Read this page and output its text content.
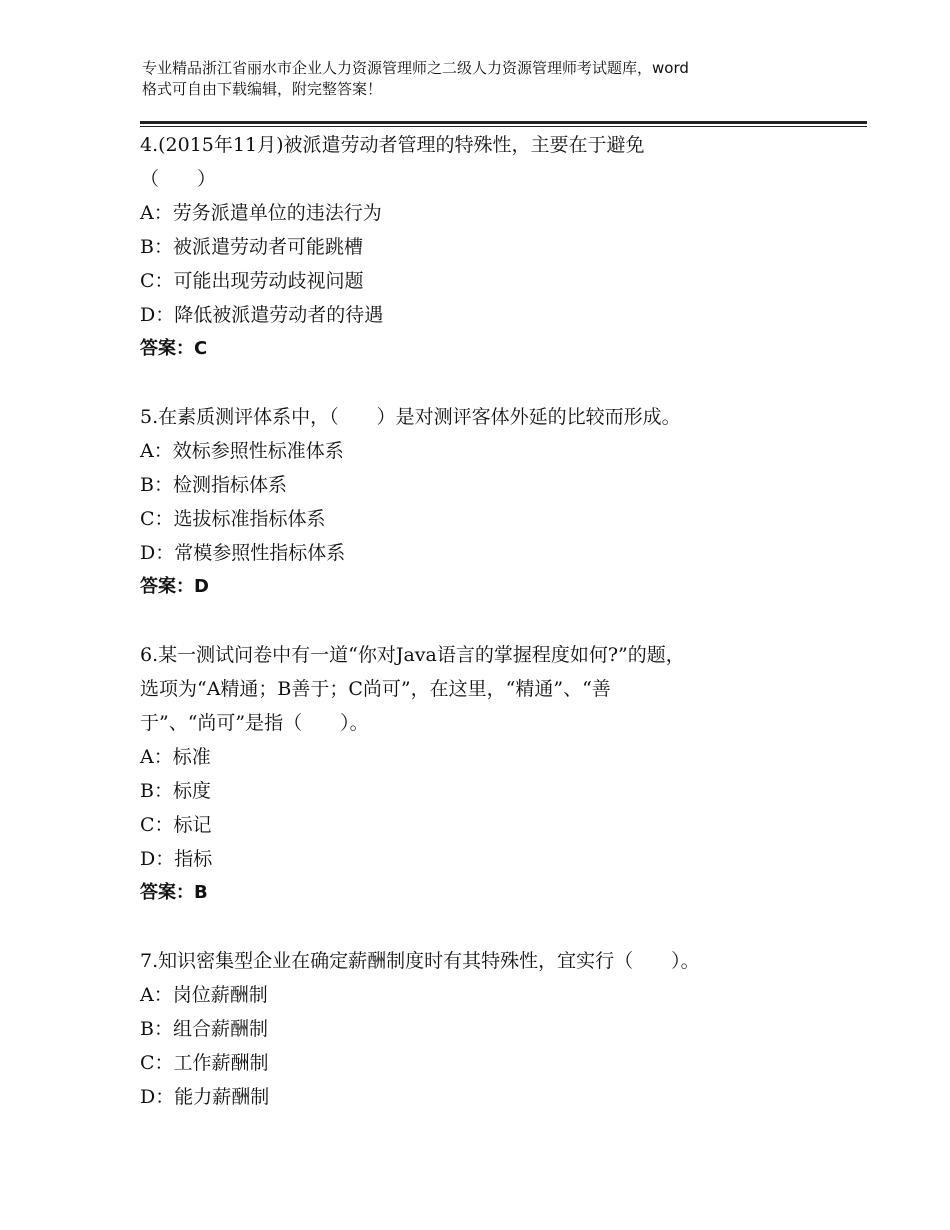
专业精品浙江省丽水市企业人力资源管理师之二级人力资源管理师考试题库，word
格式可自由下载编辑，附完整答案！
4.(2015年11月)被派遣劳动者管理的特殊性，主要在于避免
（　　）
A：劳务派遣单位的违法行为
B：被派遣劳动者可能跳槽
C：可能出现劳动歧视问题
D：降低被派遣劳动者的待遇
答案：C
5.在素质测评体系中，（　　）是对测评客体外延的比较而形成。
A：效标参照性标准体系
B：检测指标体系
C：选拔标准指标体系
D：常模参照性指标体系
答案：D
6.某一测试问卷中有一道“你对Java语言的掌握程度如何?”的题，
选项为“A精通；B善于；C尚可”，在这里，“精通”、“善
于”、“尚可”是指（　　）。
A：标准
B：标度
C：标记
D：指标
答案：B
7.知识密集型企业在确定薪酬制度时有其特殊性，宜实行（　　）。
A：岗位薪酬制
B：组合薪酬制
C：工作薪酬制
D：能力薪酬制
